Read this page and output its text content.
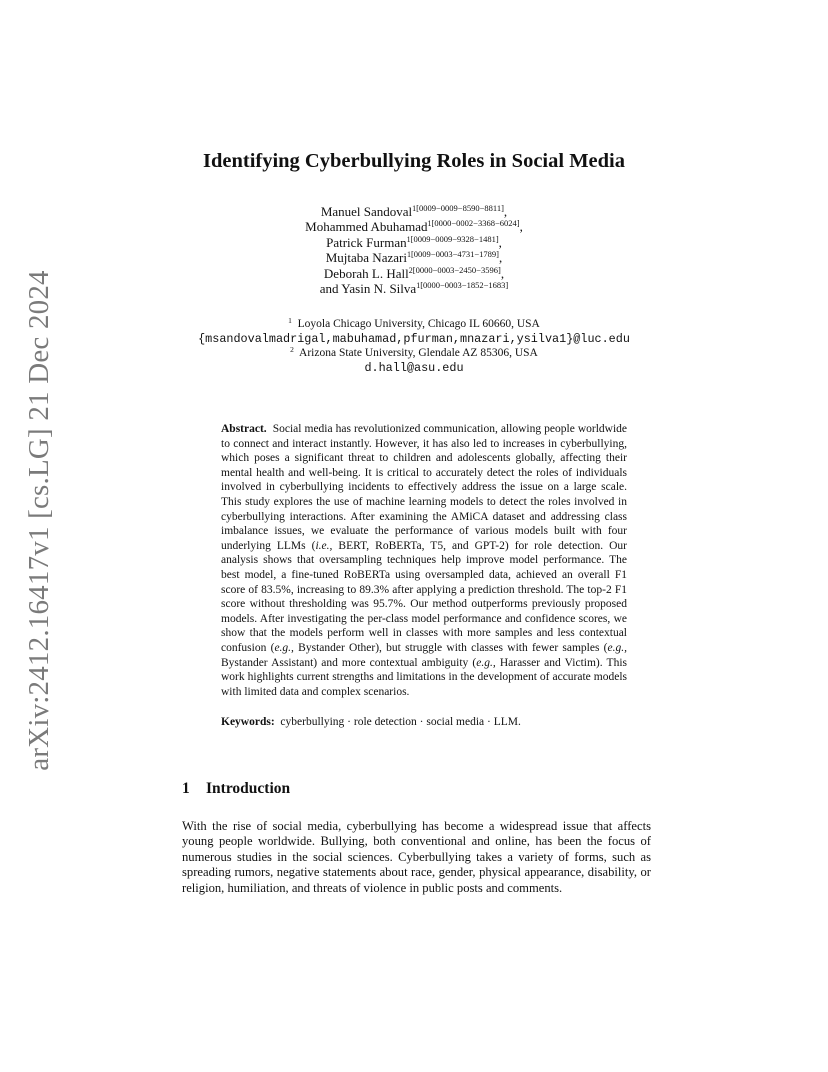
arXiv:2412.16417v1 [cs.LG] 21 Dec 2024
Identifying Cyberbullying Roles in Social Media
Manuel Sandoval$^{1[0009-0009-8590-8811]}$,
Mohammed Abuhamad$^{1[0000-0002-3368-6024]}$,
Patrick Furman$^{1[0009-0009-9328-1481]}$,
Mujtaba Nazari$^{1[0009-0003-4731-1789]}$,
Deborah L. Hall$^{2[0000-0003-2450-3596]}$,
and Yasin N. Silva$^{1[0000-0003-1852-1683]}$
$^1$ Loyola Chicago University, Chicago IL 60660, USA
{msandovalmadrigal,mabuhamad,pfurman,mnazari,ysilva1}@luc.edu
$^2$ Arizona State University, Glendale AZ 85306, USA
d.hall@asu.edu

Abstract. Social media has revolutionized communication, allowing people worldwide to connect and interact instantly. However, it has also led to increases in cyberbullying, which poses a significant threat to children and adolescents globally, affecting their mental health and well-being. It is critical to accurately detect the roles of individuals involved in cyberbullying incidents to effectively address the issue on a large scale. This study explores the use of machine learning models to detect the roles involved in cyberbullying interactions. After examining the AMiCA dataset and addressing class imbalance issues, we evaluate the performance of various models built with four underlying LLMs (i.e., BERT, RoBERTa, T5, and GPT-2) for role detection. Our analysis shows that oversampling techniques help improve model performance. The best model, a fine-tuned RoBERTa using oversampled data, achieved an overall F1 score of 83.5%, increasing to 89.3% after applying a prediction threshold. The top-2 F1 score without thresholding was 95.7%. Our method outperforms previously proposed models. After investigating the per-class model performance and confidence scores, we show that the models perform well in classes with more samples and less contextual confusion (e.g., Bystander Other), but struggle with classes with fewer samples (e.g., Bystander Assistant) and more contextual ambiguity (e.g., Harasser and Victim). This work highlights current strengths and limitations in the development of accurate models with limited data and complex scenarios.

Keywords: cyberbullying · role detection · social media · LLM.

1 Introduction

With the rise of social media, cyberbullying has become a widespread issue that affects young people worldwide. Bullying, both conventional and online, has been the focus of numerous studies in the social sciences. Cyberbullying takes a variety of forms, such as spreading rumors, negative statements about race, gender, physical appearance, disability, or religion, humiliation, and threats of violence in public posts and comments.
